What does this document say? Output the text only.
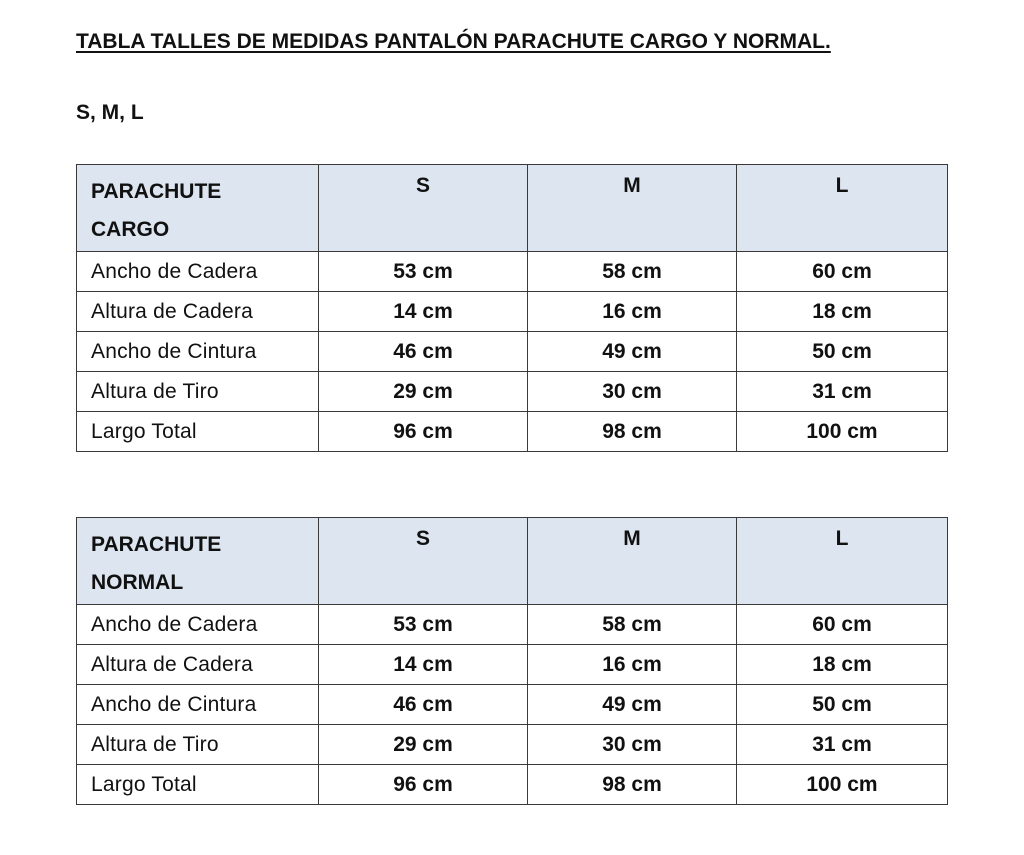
TABLA TALLES DE MEDIDAS PANTALÓN PARACHUTE CARGO Y NORMAL.
S, M, L
PARACHUTE
CARGO	S	M	L
Ancho de Cadera	53 cm	58 cm	60 cm
Altura de Cadera	14 cm	16 cm	18 cm
Ancho de Cintura	46 cm	49 cm	50 cm
Altura de Tiro	29 cm	30 cm	31 cm
Largo Total	96 cm	98 cm	100 cm
PARACHUTE
NORMAL	S	M	L
Ancho de Cadera	53 cm	58 cm	60 cm
Altura de Cadera	14 cm	16 cm	18 cm
Ancho de Cintura	46 cm	49 cm	50 cm
Altura de Tiro	29 cm	30 cm	31 cm
Largo Total	96 cm	98 cm	100 cm
